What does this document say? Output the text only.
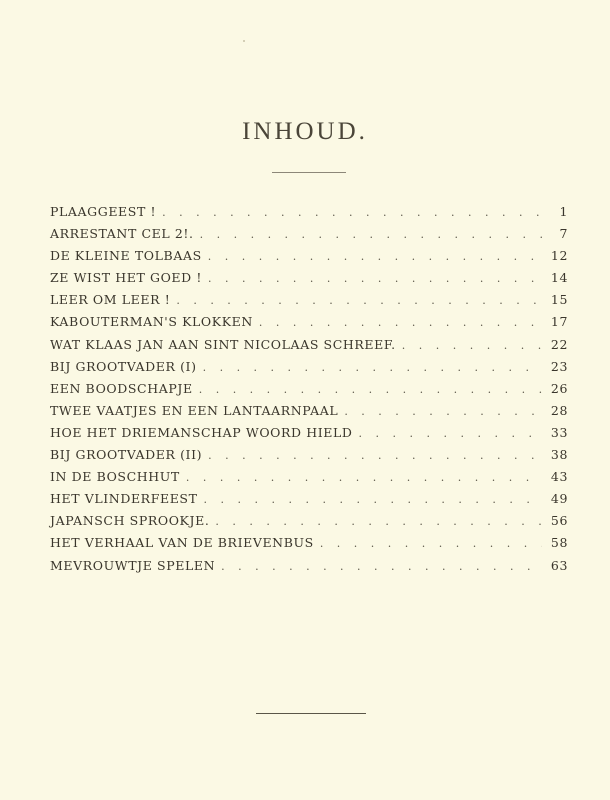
INHOUD.
PLAAGGEEST ! . . .	1
ARRESTANT CEL 2!. . . .	7
DE KLEINE TOLBAAS . . .	12
ZE WIST HET GOED ! . . .	14
LEER OM LEER ! . . .	15
KABOUTERMAN'S KLOKKEN . . .	17
WAT KLAAS JAN AAN SINT NICOLAAS SCHREEF. . . .	22
BIJ GROOTVADER (I) . . .	23
EEN BOODSCHAPJE . . .	26
TWEE VAATJES EN EEN LANTAARNPAAL . . .	28
HOE HET DRIEMANSCHAP WOORD HIELD . . .	33
BIJ GROOTVADER (II) . . .	38
IN DE BOSCHHUT . . .	43
HET VLINDERFEEST . . .	49
JAPANSCH SPROOKJE. . . .	56
HET VERHAAL VAN DE BRIEVENBUS . . .	58
MEVROUWTJE SPELEN . . .	63
